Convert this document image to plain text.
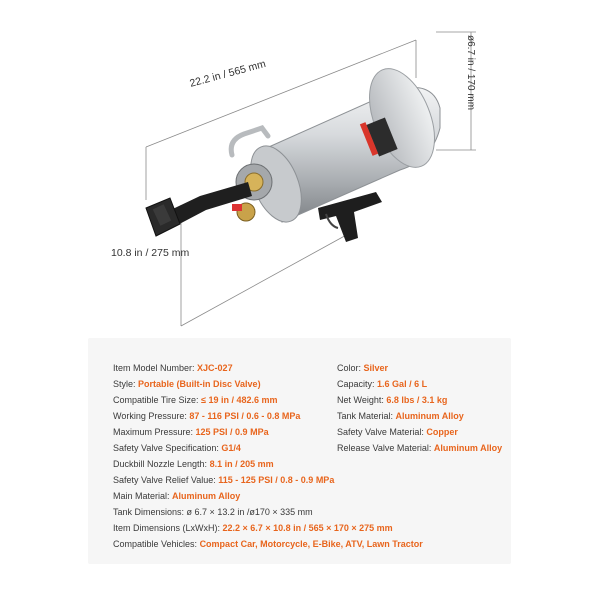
22.2 in / 565 mm
10.8 in / 275 mm
ø6.7 in / 170 mm
Item Model Number: XJC-027
Style: Portable (Built-in Disc Valve)
Compatible Tire Size: ≤ 19 in / 482.6 mm
Working Pressure: 87 - 116 PSI / 0.6 - 0.8 MPa
Maximum Pressure: 125 PSI / 0.9 MPa
Safety Valve Specification: G1/4
Duckbill Nozzle Length: 8.1 in / 205 mm
Safety Valve Relief Value: 115 - 125 PSI / 0.8 - 0.9 MPa
Main Material: Aluminum Alloy
Tank Dimensions: ø 6.7 × 13.2 in /ø170 × 335 mm
Item Dimensions (LxWxH): 22.2 × 6.7 × 10.8 in / 565 × 170 × 275 mm
Compatible Vehicles: Compact Car, Motorcycle, E-Bike, ATV, Lawn Tractor
Color: Silver
Capacity: 1.6 Gal / 6 L
Net Weight: 6.8 lbs / 3.1 kg
Tank Material: Aluminum Alloy
Safety Valve Material: Copper
Release Valve Material: Aluminum Alloy
